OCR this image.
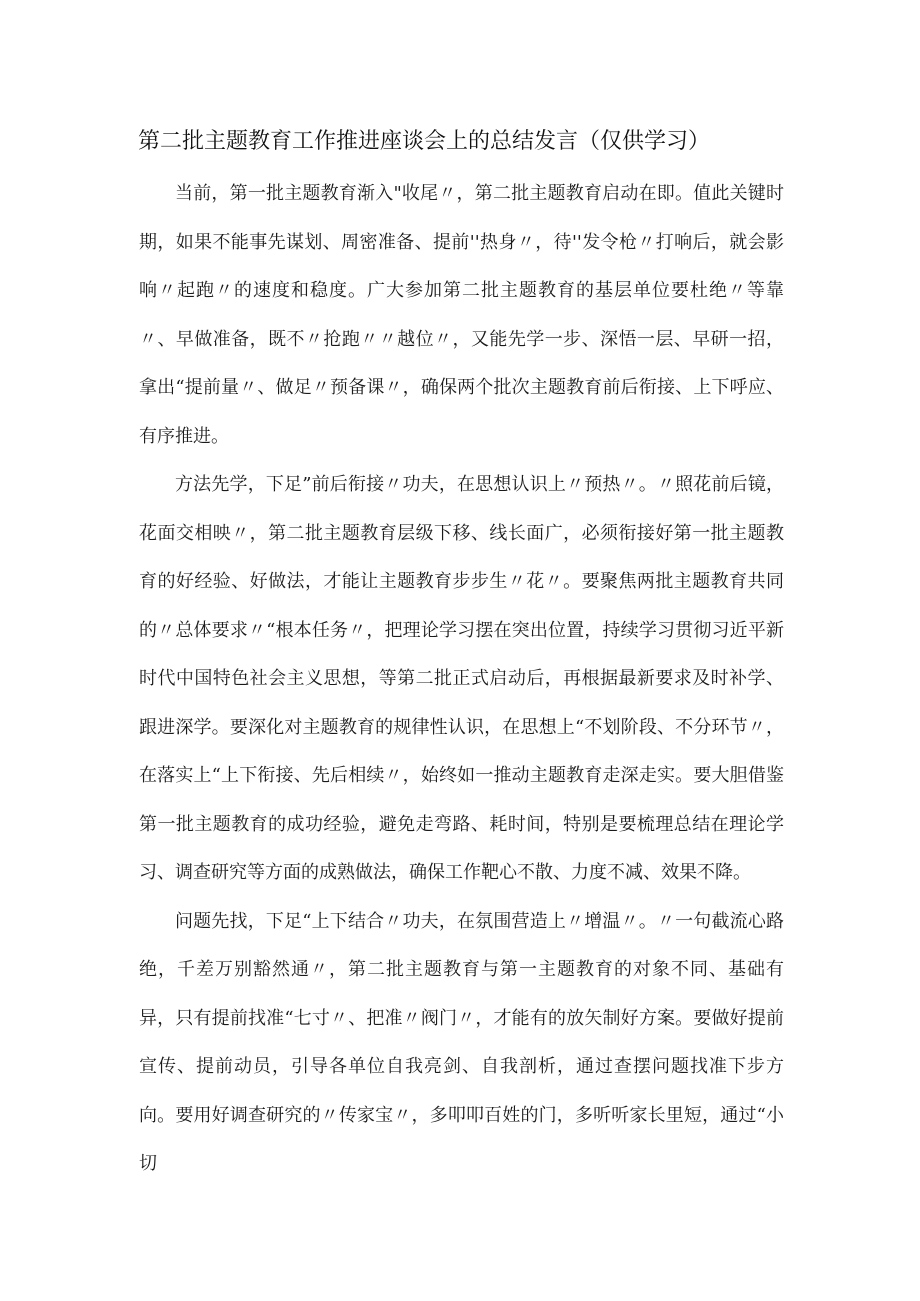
第二批主题教育工作推进座谈会上的总结发言（仅供学习）

当前，第一批主题教育渐入"收尾〃，第二批主题教育启动在即。值此关键时期，如果不能事先谋划、周密准备、提前''热身〃，待''发令枪〃打响后，就会影响〃起跑〃的速度和稳度。广大参加第二批主题教育的基层单位要杜绝〃等靠〃、早做准备，既不〃抢跑〃〃越位〃，又能先学一步、深悟一层、早研一招，拿出“提前量〃、做足〃预备课〃，确保两个批次主题教育前后衔接、上下呼应、有序推进。

方法先学，下足”前后衔接〃功夫，在思想认识上〃预热〃。〃照花前后镜，花面交相映〃，第二批主题教育层级下移、线长面广，必须衔接好第一批主题教育的好经验、好做法，才能让主题教育步步生〃花〃。要聚焦两批主题教育共同的〃总体要求〃“根本任务〃，把理论学习摆在突出位置，持续学习贯彻习近平新时代中国特色社会主义思想，等第二批正式启动后，再根据最新要求及时补学、跟进深学。要深化对主题教育的规律性认识，在思想上“不划阶段、不分环节〃，在落实上“上下衔接、先后相续〃，始终如一推动主题教育走深走实。要大胆借鉴第一批主题教育的成功经验，避免走弯路、耗时间，特别是要梳理总结在理论学习、调查研究等方面的成熟做法，确保工作靶心不散、力度不减、效果不降。

问题先找，下足“上下结合〃功夫，在氛围营造上〃增温〃。〃一句截流心路绝，千差万别豁然通〃，第二批主题教育与第一主题教育的对象不同、基础有异，只有提前找准“七寸〃、把准〃阀门〃，才能有的放矢制好方案。要做好提前宣传、提前动员，引导各单位自我亮剑、自我剖析，通过查摆问题找准下步方向。要用好调查研究的〃传家宝〃，多叩叩百姓的门，多听听家长里短，通过“小切
